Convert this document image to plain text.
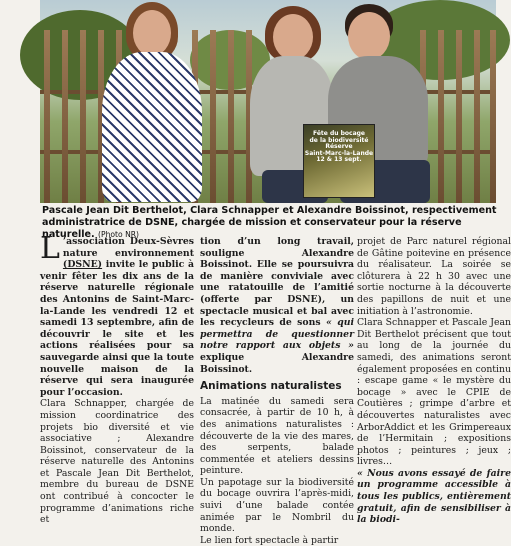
Fête du bocage
de la biodiversité
Réserve
Saint-Marc-la-Lande
12 & 13 sept.
Pascale Jean Dit Berthelot, Clara Schnapper et Alexandre Boissinot, respectivement administratrice de DSNE, chargée de mission et conservateur pour la réserve naturelle. (Photo NR)

L ’association Deux-Sèvres nature environnement (DSNE) invite le public à venir fêter les dix ans de la réserve naturelle régionale des Antonins de Saint-Marc-la-Lande les vendredi 12 et samedi 13 septembre, afin de découvrir le site et les actions réalisées pour sa sauvegarde ainsi que la toute nouvelle maison de la réserve qui sera inaugurée pour l’occasion.

Clara Schnapper, chargée de mission coordinatrice des projets bio diversité et vie associative ; Alexandre Boissinot, conservateur de la réserve naturelle des Antonins et Pascale Jean Dit Berthelot, membre du bureau de DSNE ont contribué à concocter le programme d’animations riche et

tion d’un long travail, souligne Alexandre Boissinot. Elle se poursuivra de manière conviviale avec une ratatouille de l’amitié (offerte par DSNE), un spectacle musical et bal avec les recycleurs de sons « qui permettra de questionner notre rapport aux objets » explique Alexandre Boissinot.

Animations naturalistes

La matinée du samedi sera consacrée, à partir de 10 h, à des animations naturalistes : découverte de la vie des mares, des serpents, balade commentée et ateliers dessins peinture.

Un papotage sur la biodiversité du bocage ouvrira l’après-midi, suivi d’une balade contée animée par le Nombril du monde.

Le lien fort spectacle à partir

projet de Parc naturel régional de Gâtine poitevine en présence du réalisateur. La soirée se clôturera à 22 h 30 avec une sortie nocturne à la découverte des papillons de nuit et une initiation à l’astronomie.

Clara Schnapper et Pascale Jean Dit Berthelot précisent que tout au long de la journée du samedi, des animations seront également proposées en continu : escape game « le mystère du bocage » avec le CPIE de Coutières ; grimpe d’arbre et découvertes naturalistes avec ArborAddict et les Grimpereaux de l’Hermitain ; expositions photos ; peintures ; jeux ; livres…

« Nous avons essayé de faire un programme accessible à tous les publics, entièrement gratuit, afin de sensibiliser à la biodi-
